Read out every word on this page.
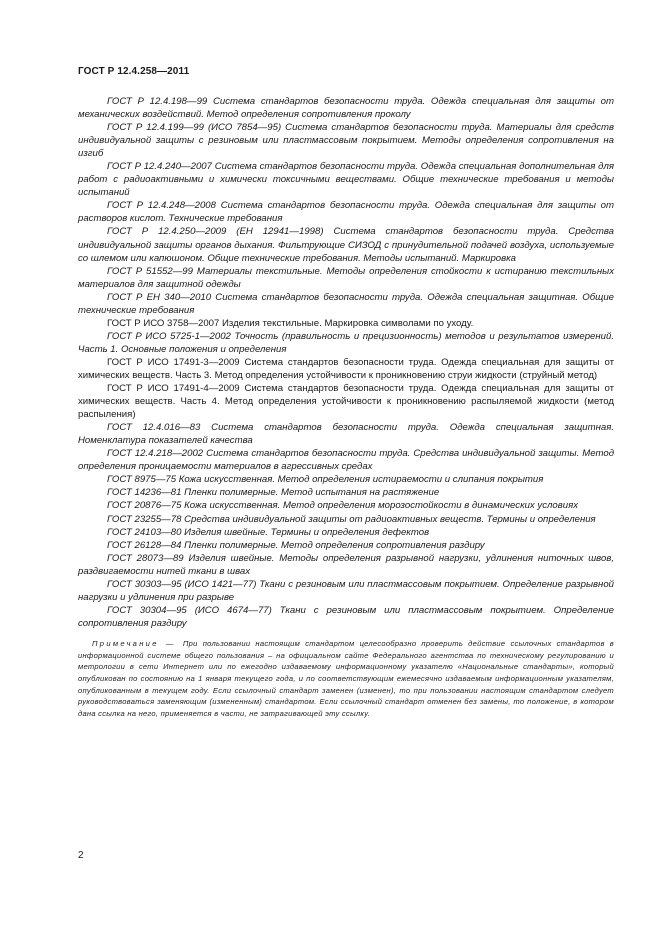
ГОСТ Р 12.4.258—2011

ГОСТ Р 12.4.198—99 Система стандартов безопасности труда. Одежда специальная для защиты от механических воздействий. Метод определения сопротивления проколу

ГОСТ Р 12.4.199—99 (ИСО 7854—95) Система стандартов безопасности труда. Материалы для средств индивидуальной защиты с резиновым или пластмассовым покрытием. Методы определения сопротивления на изгиб

ГОСТ Р 12.4.240—2007 Система стандартов безопасности труда. Одежда специальная дополнительная для работ с радиоактивными и химически токсичными веществами. Общие технические требования и методы испытаний

ГОСТ Р 12.4.248—2008 Система стандартов безопасности труда. Одежда специальная для защиты от растворов кислот. Технические требования

ГОСТ Р 12.4.250—2009 (ЕН 12941—1998) Система стандартов безопасности труда. Средства индивидуальной защиты органов дыхания. Фильтрующие СИЗОД с принудительной подачей воздуха, используемые со шлемом или капюшоном. Общие технические требования. Методы испытаний. Маркировка

ГОСТ Р 51552—99 Материалы текстильные. Методы определения стойкости к истиранию текстильных материалов для защитной одежды

ГОСТ Р ЕН 340—2010 Система стандартов безопасности труда. Одежда специальная защитная. Общие технические требования

ГОСТ Р ИСО 3758—2007 Изделия текстильные. Маркировка символами по уходу.

ГОСТ Р ИСО 5725-1—2002 Точность (правильность и прецизионность) методов и результатов измерений. Часть 1. Основные положения и определения

ГОСТ Р ИСО 17491-3—2009 Система стандартов безопасности труда. Одежда специальная для защиты от химических веществ. Часть 3. Метод определения устойчивости к проникновению струи жидкости (струйный метод)

ГОСТ Р ИСО 17491-4—2009 Система стандартов безопасности труда. Одежда специальная для защиты от химических веществ. Часть 4. Метод определения устойчивости к проникновению распыляемой жидкости (метод распыления)

ГОСТ 12.4.016—83 Система стандартов безопасности труда. Одежда специальная защитная. Номенклатура показателей качества

ГОСТ 12.4.218—2002 Система стандартов безопасности труда. Средства индивидуальной защиты. Метод определения проницаемости материалов в агрессивных средах

ГОСТ 8975—75 Кожа искусственная. Метод определения истираемости и слипания покрытия

ГОСТ 14236—81 Пленки полимерные. Метод испытания на растяжение

ГОСТ 20876—75 Кожа искусственная. Метод определения морозостойкости в динамических условиях

ГОСТ 23255—78 Средства индивидуальной защиты от радиоактивных веществ. Термины и определения

ГОСТ 24103—80 Изделия швейные. Термины и определения дефектов

ГОСТ 26128—84 Пленки полимерные. Метод определения сопротивления раздиру

ГОСТ 28073—89 Изделия швейные. Методы определения разрывной нагрузки, удлинения ниточных швов, раздвигаемости нитей ткани в швах

ГОСТ 30303—95 (ИСО 1421—77) Ткани с резиновым или пластмассовым покрытием. Определение разрывной нагрузки и удлинения при разрыве

ГОСТ 30304—95 (ИСО 4674—77) Ткани с резиновым или пластмассовым покрытием. Определение сопротивления раздиру

Примечание — При пользовании настоящим стандартом целесообразно проверить действие ссылочных стандартов в информационной системе общего пользования – на официальном сайте Федерального агентства по техническому регулированию и метрологии в сети Интернет или по ежегодно издаваемому информационному указателю «Национальные стандарты», который опубликован по состоянию на 1 января текущего года, и по соответствующим ежемесячно издаваемым информационным указателям, опубликованным в текущем году. Если ссылочный стандарт заменен (изменен), то при пользовании настоящим стандартом следует руководствоваться заменяющим (измененным) стандартом. Если ссылочный стандарт отменен без замены, то положение, в котором дана ссылка на него, применяется в части, не затрагивающей эту ссылку.

2
